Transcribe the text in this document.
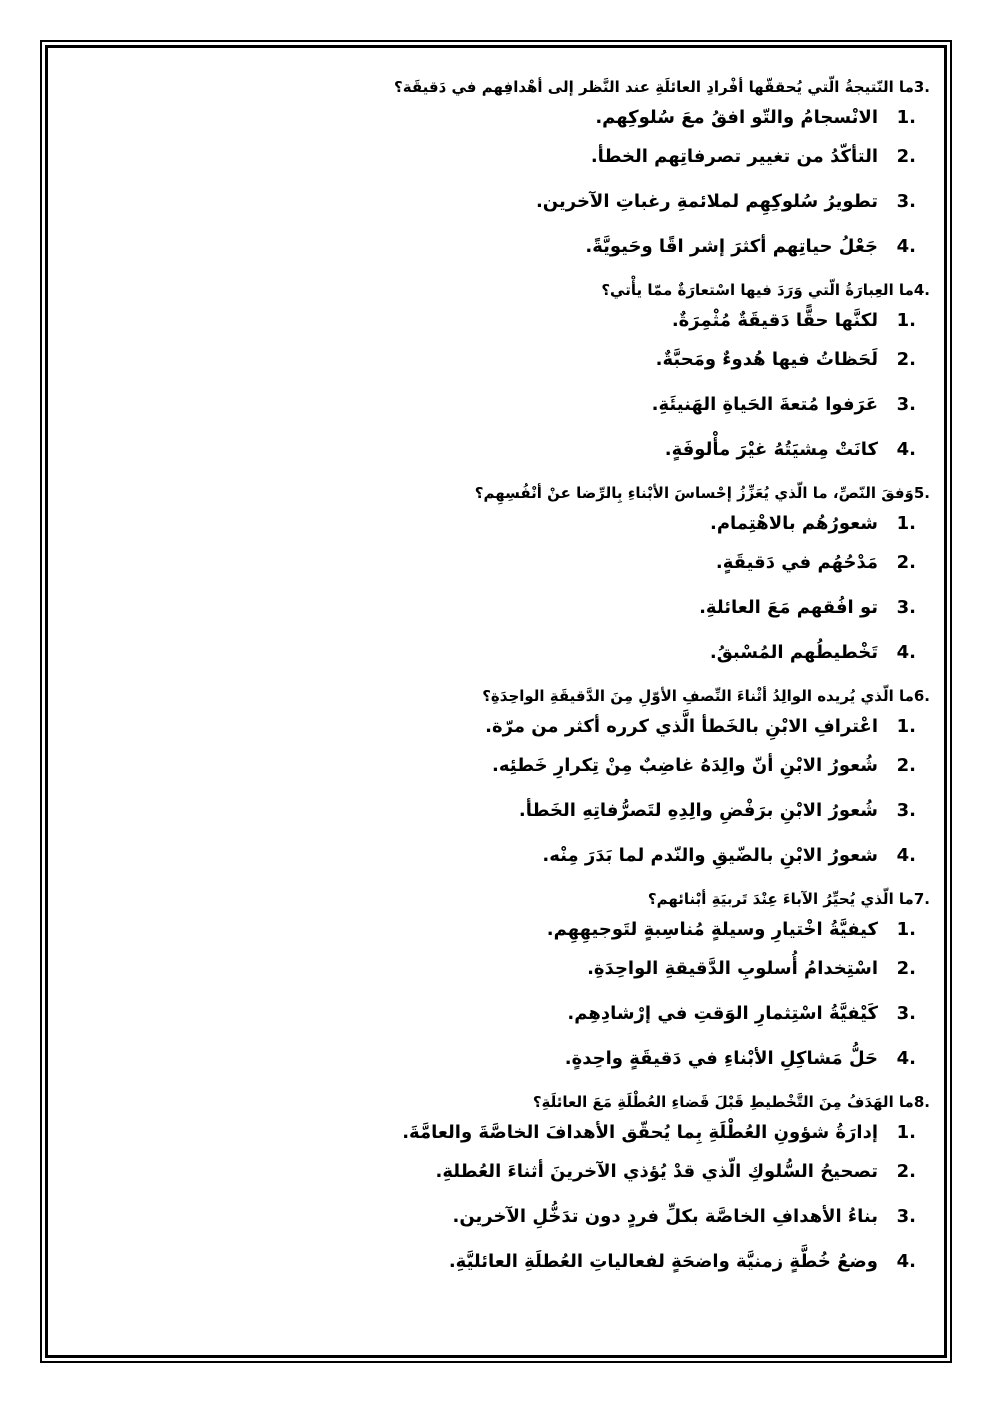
3.
ما النّتيجةُ الّتي يُحققّها أفْرادِ العائلَةِ عند النَّظر إلى أهْدافِهم في دَقيقَة؟
1.
الانْسجامُ والتّو افقُ معَ سُلوكِهم.
2.
التأكّدُ من تغيير تصرفاتِهم الخطأ.
3.
تطويرُ سُلوكِهِم لملائمةِ رغباتِ الآخرين.
4.
جَعْلُ حياتِهم أكثرَ إشر اقًا وحَيويَّةً.
4.
ما العِبارَةُ الّتي وَرَدَ فيها اسْتعارَةٌ ممّا يأْتي؟
1.
لكنَّها حقًّا دَقيقَةٌ مُثْمِرَةٌ.
2.
لَحَظاتُ فيها هُدوءٌ ومَحبَّةٌ.
3.
عَرَفوا مُتعةَ الحَياةِ الهَنيئَةِ.
4.
كانَتْ مِشيَتُهُ غيْرَ مأْلوفَةٍ.
5.
وَفقَ النّصِّ، ما الّذي يُعَزِّزُ إحْساسَ الأبْناءِ بِالرِّضا عنْ أنْفُسِهِم؟
1.
شعورُهُم بالاهْتِمام.
2.
مَدْحُهُم في دَقيقَةٍ.
3.
تو افُقهم مَعَ العائلةِ.
4.
تَخْطيطُهم المُسْبقُ.
6.
ما الّذي يُريده الوالِدُ أثْناءَ النِّصفِ الأوّلِ مِنَ الدَّقيقَةِ الواحِدَةِ؟
1.
اعْترافِ الابْنِ بالخَطأ الَّذي كرره أكثر من مرّة.
2.
شُعورُ الابْنِ أنّ والِدَهُ غاضِبٌ مِنْ تِكرارِ خَطئِه.
3.
شُعورُ الابْنِ برَفْضِ والِدِهِ لتَصرُّفاتِهِ الخَطأ.
4.
شعورُ الابْنِ بالضّيقِ والنّدم لما بَدَرَ مِنْه.
7.
ما الّذي يُحيِّرُ الآباءَ عِنْدَ تَربيَةِ أبْنائهم؟
1.
كيفيَّةُ اخْتيارِ وسيلةٍ مُناسِبةٍ لتَوجيهِهِم.
2.
اسْتِخدامُ أُسلوبِ الدَّقيقةِ الواحِدَةِ.
3.
كَيْفيَّةُ اسْتِثمارِ الوَقتِ في إرْشادِهِم.
4.
حَلُّ مَشاكِلِ الأبْناءِ في دَقيقَةٍ واحِدةٍ.
8.
ما الهَدَفُ مِنَ التَّخْطيطِ قَبْلَ قَضاءِ العُطْلَةِ مَعَ العائلَةِ؟
1.
إدارَةُ شؤونِ العُطْلَةِ بِما يُحقّق الأهدافَ الخاصَّةَ والعامَّةَ.
2.
تصحيحُ السُّلوكِ الّذي قدْ يُؤذي الآخرينَ أثناءَ العُطلةِ.
3.
بناءُ الأهدافِ الخاصَّة بكلِّ فردٍ دون تدَخُّلِ الآخرين.
4.
وضعُ خُطَّةٍ زمنيَّة واضحَةٍ لفعالياتِ العُطلَةِ العائليَّةِ.
